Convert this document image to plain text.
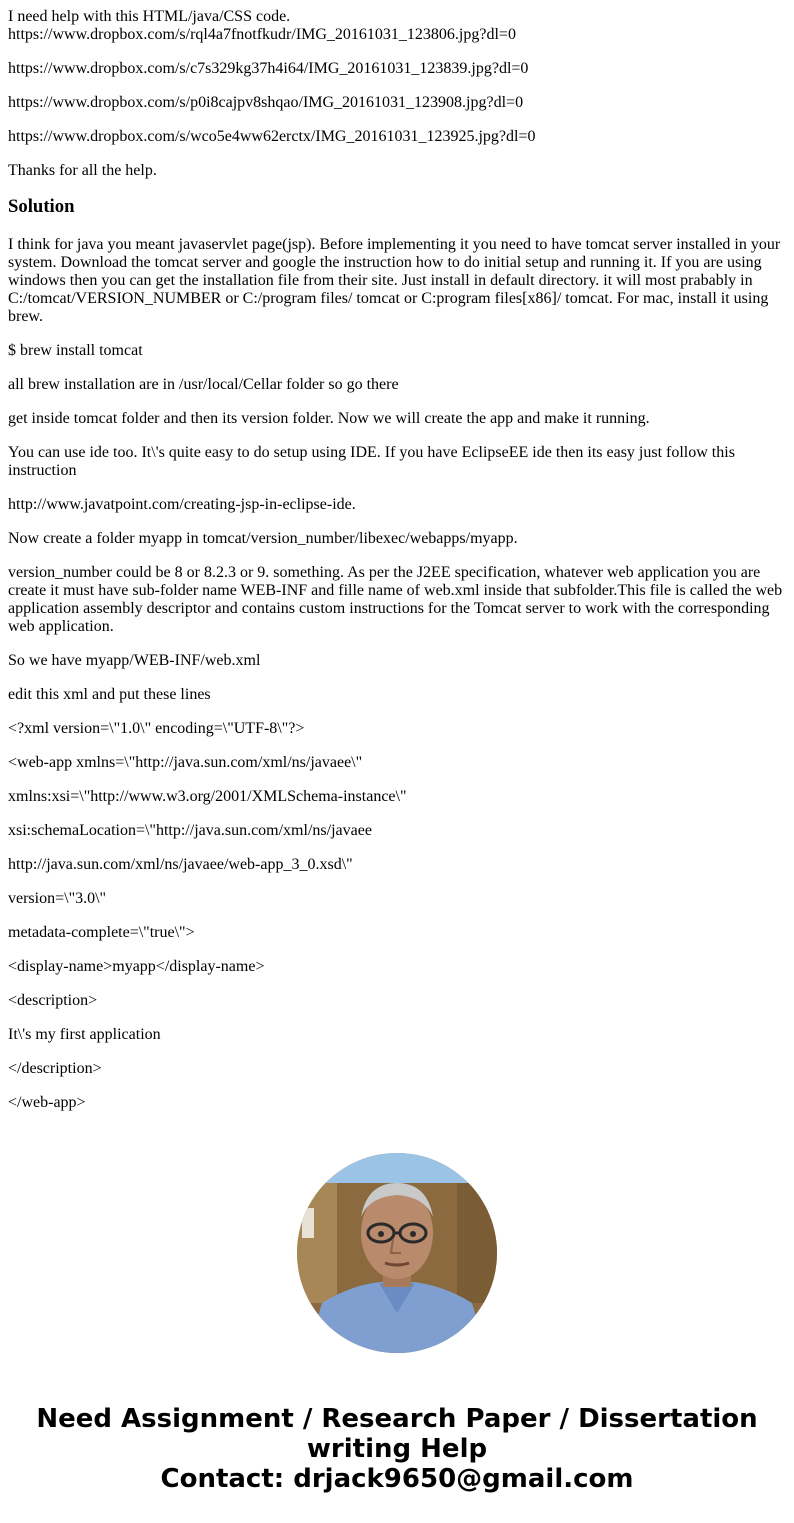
I need help with this HTML/java/CSS code.
https://www.dropbox.com/s/rql4a7fnotfkudr/IMG_20161031_123806.jpg?dl=0

https://www.dropbox.com/s/c7s329kg37h4i64/IMG_20161031_123839.jpg?dl=0

https://www.dropbox.com/s/p0i8cajpv8shqao/IMG_20161031_123908.jpg?dl=0

https://www.dropbox.com/s/wco5e4ww62erctx/IMG_20161031_123925.jpg?dl=0

Thanks for all the help.

Solution

I think for java you meant javaservlet page(jsp). Before implementing it you need to have tomcat server installed in your system. Download the tomcat server and google the instruction how to do initial setup and running it. If you are using windows then you can get the installation file from their site. Just install in default directory. it will most prabably in C:/tomcat/VERSION_NUMBER or C:/program files/ tomcat or C:program files[x86]/ tomcat. For mac, install it using brew.

$ brew install tomcat

all brew installation are in /usr/local/Cellar folder so go there

get inside tomcat folder and then its version folder. Now we will create the app and make it running.

You can use ide too. It\'s quite easy to do setup using IDE. If you have EclipseEE ide then its easy just follow this instruction

http://www.javatpoint.com/creating-jsp-in-eclipse-ide.

Now create a folder myapp in tomcat/version_number/libexec/webapps/myapp.

version_number could be 8 or 8.2.3 or 9. something. As per the J2EE specification, whatever web application you are create it must have sub-folder name WEB-INF and fille name of web.xml inside that subfolder.This file is called the web application assembly descriptor and contains custom instructions for the Tomcat server to work with the corresponding web application.

So we have myapp/WEB-INF/web.xml

edit this xml and put these lines

<?xml version=\"1.0\" encoding=\"UTF-8\"?>

<web-app xmlns=\"http://java.sun.com/xml/ns/javaee\"

xmlns:xsi=\"http://www.w3.org/2001/XMLSchema-instance\"

xsi:schemaLocation=\"http://java.sun.com/xml/ns/javaee

http://java.sun.com/xml/ns/javaee/web-app_3_0.xsd\"

version=\"3.0\"

metadata-complete=\"true\">

<display-name>myapp</display-name>

<description>

It\'s my first application

</description>

</web-app>

Need Assignment / Research Paper / Dissertation
writing Help
Contact: drjack9650@gmail.com
